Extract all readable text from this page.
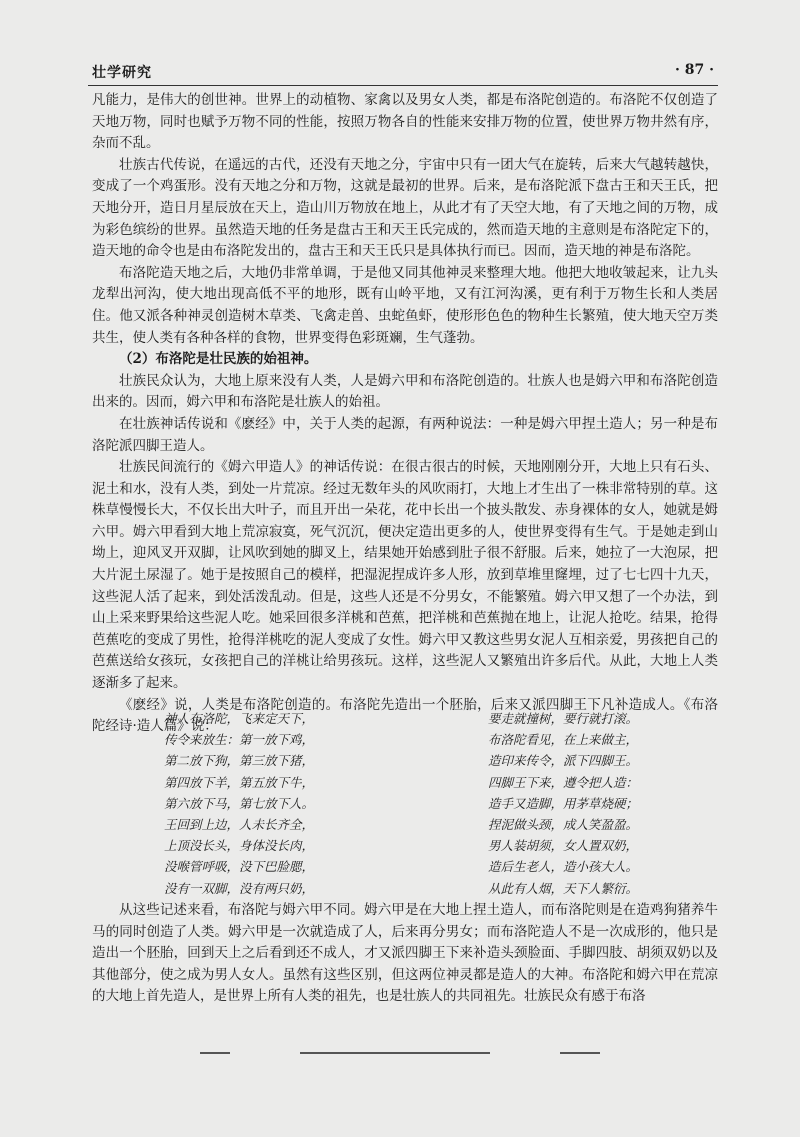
壮学研究	· 87 ·

凡能力，是伟大的创世神。世界上的动植物、家禽以及男女人类，都是布洛陀创造的。布洛陀不仅创造了天地万物，同时也赋予万物不同的性能，按照万物各自的性能来安排万物的位置，使世界万物井然有序，杂而不乱。

壮族古代传说，在遥远的古代，还没有天地之分，宇宙中只有一团大气在旋转，后来大气越转越快，变成了一个鸡蛋形。没有天地之分和万物，这就是最初的世界。后来，是布洛陀派下盘古王和天王氏，把天地分开，造日月星辰放在天上，造山川万物放在地上，从此才有了天空大地，有了天地之间的万物，成为彩色缤纷的世界。虽然造天地的任务是盘古王和天王氏完成的，然而造天地的主意则是布洛陀定下的，造天地的命令也是由布洛陀发出的，盘古王和天王氏只是具体执行而已。因而，造天地的神是布洛陀。

布洛陀造天地之后，大地仍非常单调，于是他又同其他神灵来整理大地。他把大地收皱起来，让九头龙犁出河沟，使大地出现高低不平的地形，既有山岭平地，又有江河沟溪，更有利于万物生长和人类居住。他又派各种神灵创造树木草类、飞禽走兽、虫蛇鱼虾，使形形色色的物种生长繁殖，使大地天空万类共生，使人类有各种各样的食物，世界变得色彩斑斓，生气蓬勃。

（2）布洛陀是壮民族的始祖神。

壮族民众认为，大地上原来没有人类，人是姆六甲和布洛陀创造的。壮族人也是姆六甲和布洛陀创造出来的。因而，姆六甲和布洛陀是壮族人的始祖。

在壮族神话传说和《麽经》中，关于人类的起源，有两种说法：一种是姆六甲捏土造人；另一种是布洛陀派四脚王造人。

壮族民间流行的《姆六甲造人》的神话传说：在很古很古的时候，天地刚刚分开，大地上只有石头、泥土和水，没有人类，到处一片荒凉。经过无数年头的风吹雨打，大地上才生出了一株非常特别的草。这株草慢慢长大，不仅长出大叶子，而且开出一朵花，花中长出一个披头散发、赤身裸体的女人，她就是姆六甲。姆六甲看到大地上荒凉寂寞，死气沉沉，便决定造出更多的人，使世界变得有生气。于是她走到山坳上，迎风叉开双脚，让风吹到她的脚叉上，结果她开始感到肚子很不舒服。后来，她拉了一大泡尿，把大片泥土尿湿了。她于是按照自己的模样，把湿泥捏成许多人形，放到草堆里窿埋，过了七七四十九天，这些泥人活了起来，到处活泼乱动。但是，这些人还是不分男女，不能繁殖。姆六甲又想了一个办法，到山上采来野果给这些泥人吃。她采回很多洋桃和芭蕉，把洋桃和芭蕉抛在地上，让泥人抢吃。结果，抢得芭蕉吃的变成了男性，抢得洋桃吃的泥人变成了女性。姆六甲又教这些男女泥人互相亲爱，男孩把自己的芭蕉送给女孩玩，女孩把自己的洋桃让给男孩玩。这样，这些泥人又繁殖出许多后代。从此，大地上人类逐渐多了起来。

《麽经》说，人类是布洛陀创造的。布洛陀先造出一个胚胎，后来又派四脚王下凡补造成人。《布洛陀经诗·造人篇》说：

神人布洛陀，飞来定天下，
传令来放生：第一放下鸡，
第二放下狗，第三放下猪，
第四放下羊，第五放下牛，
第六放下马，第七放下人。
王回到上边，人未长齐全，
上顶没长头，身体没长肉，
没喉管呼吸，没下巴脸腮，
没有一双脚，没有两只奶，
要走就撞树，要行就打滚。
布洛陀看见，在上来做主，
造印来传令，派下四脚王。
四脚王下来，遵令把人造：
造手又造脚，用茅草烧硬；
捏泥做头颈，成人笑盈盈。
男人装胡须，女人置双奶，
造后生老人，造小孩大人。
从此有人烟，天下人繁衍。

从这些记述来看，布洛陀与姆六甲不同。姆六甲是在大地上捏土造人，而布洛陀则是在造鸡狗猪养牛马的同时创造了人类。姆六甲是一次就造成了人，后来再分男女；而布洛陀造人不是一次成形的，他只是造出一个胚胎，回到天上之后看到还不成人，才又派四脚王下来补造头颈脸面、手脚四肢、胡须双奶以及其他部分，使之成为男人女人。虽然有这些区别，但这两位神灵都是造人的大神。布洛陀和姆六甲在荒凉的大地上首先造人，是世界上所有人类的祖先，也是壮族人的共同祖先。壮族民众有感于布洛
